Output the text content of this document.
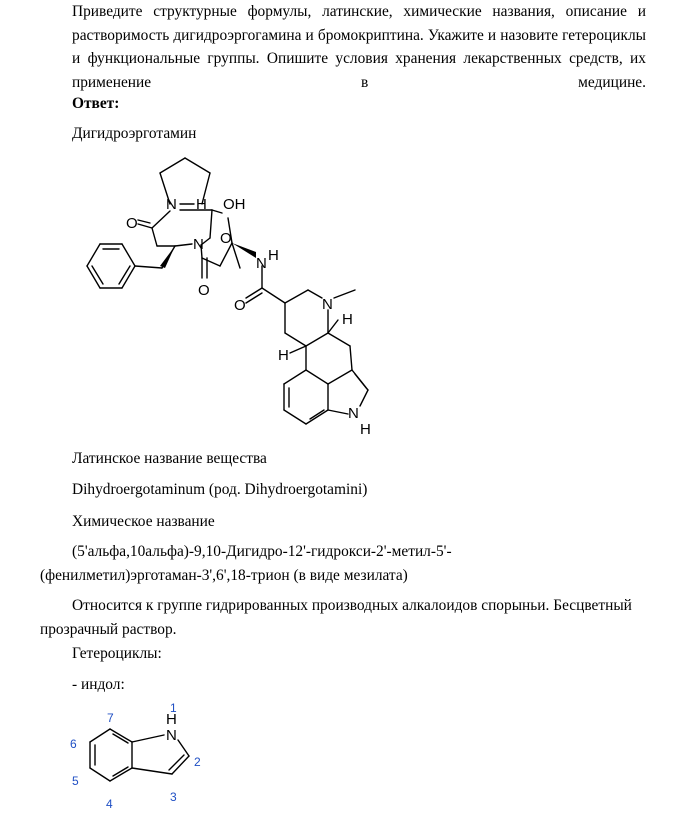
Приведите структурные формулы, латинские, химические названия, описание и растворимость дигидроэргогамина и бромокриптина. Укажите и назовите гетероциклы и функциональные группы. Опишите условия хранения лекарственных средств, их применение в медицине.
Ответ:
Дигидроэрготамин
N H OH
O
N O
O
N H
O	N
H
H
N
H
Латинское название вещества
Dihydroergotaminum (род. Dihydroergotamini)
Химическое название
(5'альфа,10альфа)-9,10-Дигидро-12'-гидрокси-2'-метил-5'-(фенилметил)эрготаман-3',6',18-трион (в виде мезилата)
Относится к группе гидрированных производных алкалоидов спорыньи. Бесцветный прозрачный раствор.
Гетероциклы:
- индол:
H
N
1
2
3
4
5
6
7
